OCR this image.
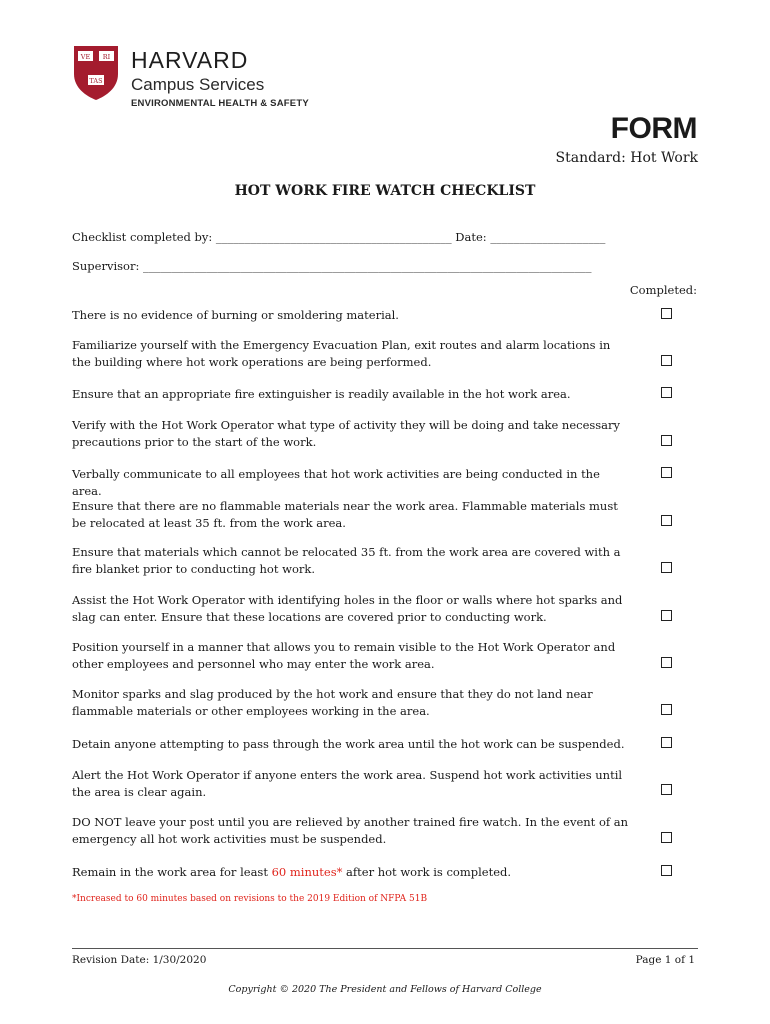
VE RI
TAS
HARVARD
Campus Services
ENVIRONMENTAL HEALTH & SAFETY
FORM
Standard: Hot Work
HOT WORK FIRE WATCH CHECKLIST
Checklist completed by: _________________________________________ Date: ____________________
Supervisor: ______________________________________________________________________________
Completed:
There is no evidence of burning or smoldering material.
Familiarize yourself with the Emergency Evacuation Plan, exit routes and alarm locations in the building where hot work operations are being performed.
Ensure that an appropriate fire extinguisher is readily available in the hot work area.
Verify with the Hot Work Operator what type of activity they will be doing and take necessary precautions prior to the start of the work.
Verbally communicate to all employees that hot work activities are being conducted in the area.
Ensure that there are no flammable materials near the work area. Flammable materials must be relocated at least 35 ft. from the work area.
Ensure that materials which cannot be relocated 35 ft. from the work area are covered with a fire blanket prior to conducting hot work.
Assist the Hot Work Operator with identifying holes in the floor or walls where hot sparks and slag can enter. Ensure that these locations are covered prior to conducting work.
Position yourself in a manner that allows you to remain visible to the Hot Work Operator and other employees and personnel who may enter the work area.
Monitor sparks and slag produced by the hot work and ensure that they do not land near flammable materials or other employees working in the area.
Detain anyone attempting to pass through the work area until the hot work can be suspended.
Alert the Hot Work Operator if anyone enters the work area. Suspend hot work activities until the area is clear again.
DO NOT leave your post until you are relieved by another trained fire watch. In the event of an emergency all hot work activities must be suspended.
Remain in the work area for least 60 minutes* after hot work is completed.
*Increased to 60 minutes based on revisions to the 2019 Edition of NFPA 51B
Revision Date: 1/30/2020	Page 1 of 1
Copyright © 2020 The President and Fellows of Harvard College
